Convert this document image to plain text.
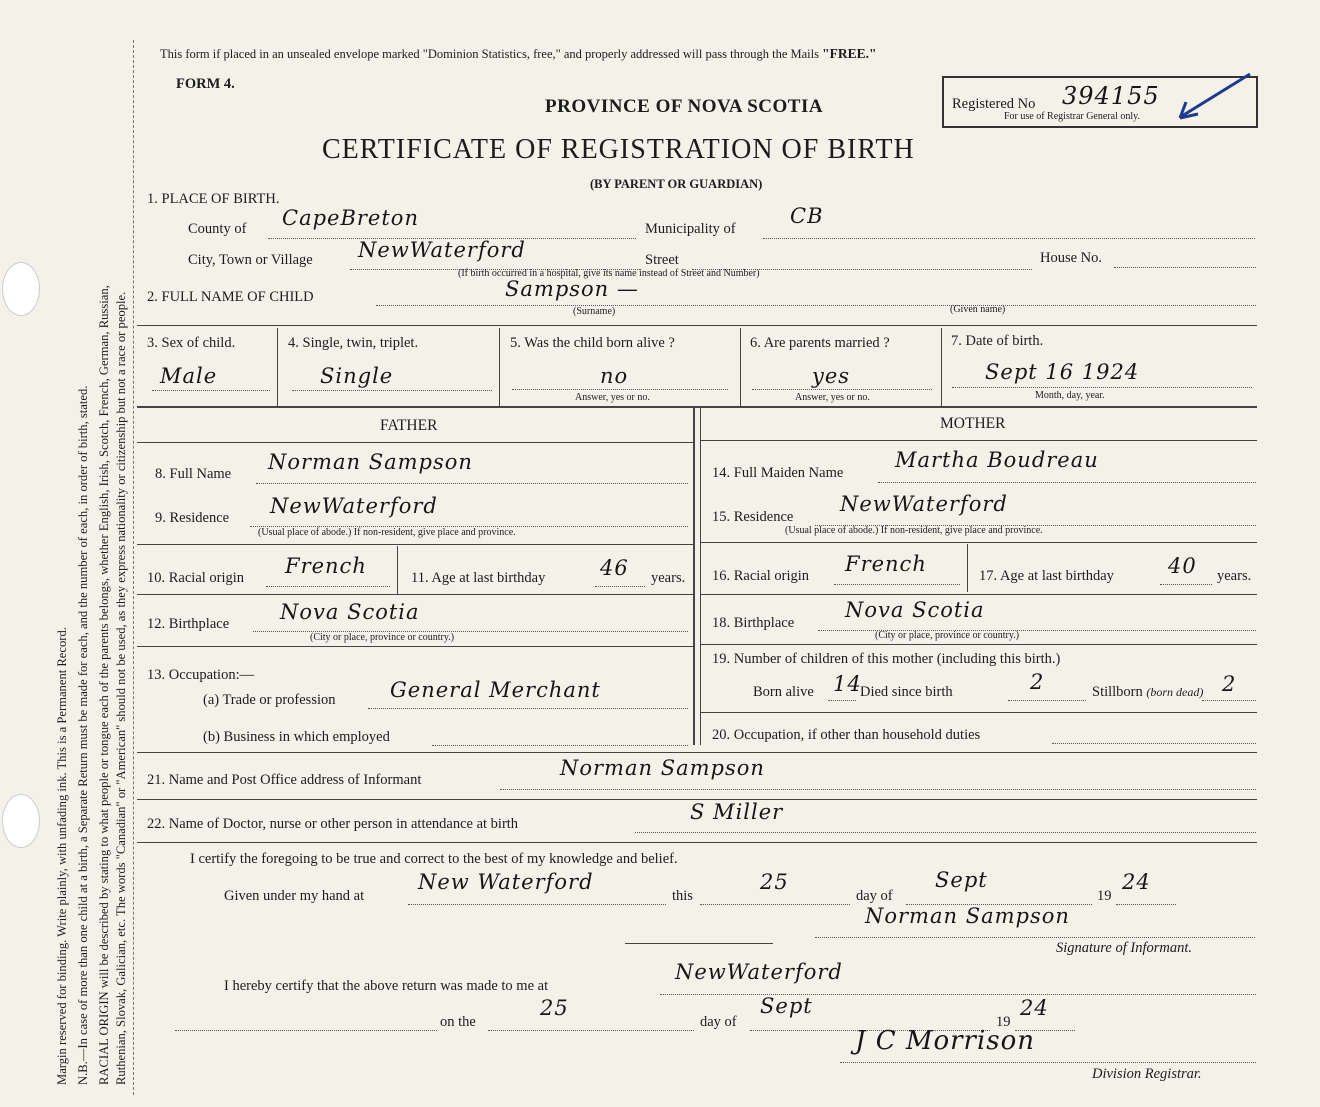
Margin reserved for binding. Write plainly, with unfading ink. This is a Permanent Record. N.B.—In case of more than one child at a birth, a Separate Return must be made for each, and the number of each, in order of birth, stated. RACIAL ORIGIN will be described by stating to what people or tongue each of the parents belongs, whether English, Irish, Scotch, French, German, Russian, Ruthenian, Slovak, Galician, etc. The words "Canadian" or "American" should not be used, as they express nationality or citizenship but not a race or people.
This form if placed in an unsealed envelope marked "Dominion Statistics, free," and properly addressed will pass through the Mails "FREE."
FORM 4.
PROVINCE OF NOVA SCOTIA	Registered No 394155
For use of Registrar General only.
CERTIFICATE OF REGISTRATION OF BIRTH
(BY PARENT OR GUARDIAN)
1. PLACE OF BIRTH.
County of CapeBreton	Municipality of
CB
City, Town or Village NewWaterford	Street	House No.
(If birth occurred in a hospital, give its name instead of Street and Number)
2. FULL NAME OF CHILD	Sampson —
(Surname)	(Given name)
3. Sex of child.
Male
4. Single, twin, triplet.
Single
5. Was the child born alive ?
no
Answer, yes or no.
6. Are parents married ?
yes
Answer, yes or no.
7. Date of birth.
Sept 16 1924
Month, day, year.
FATHER	MOTHER
8. Full Name Norman Sampson
9. Residence NewWaterford
(Usual place of abode.) If non-resident, give place and province.
10. Racial origin French	11. Age at last birthday	46 years.
12. Birthplace Nova Scotia
(City or place, province or country.)
13. Occupation:—
(a) Trade or profession	General Merchant
(b) Business in which employed
14. Full Maiden Name
Martha Boudreau
15. Residence
NewWaterford
(Usual place of abode.) If non-resident, give place and province.
16. Racial origin French	17. Age at last birthday	40 years.
18. Birthplace
Nova Scotia
(City or place, province or country.)
19. Number of children of this mother (including this birth.)
Born alive 14
Died since birth	2	Stillborn (born dead) 2
20. Occupation, if other than household duties
21. Name and Post Office address of Informant	Norman Sampson
22. Name of Doctor, nurse or other person in attendance at birth	S Miller
I certify the foregoing to be true and correct to the best of my knowledge and belief.
Given under my hand at
New Waterford
this
25
day of
Sept
19
24
Norman Sampson
Signature of Informant.
I hereby certify that the above return was made to me at
NewWaterford
on the
25
day of
Sept
19
24
J C Morrison
Division Registrar.
